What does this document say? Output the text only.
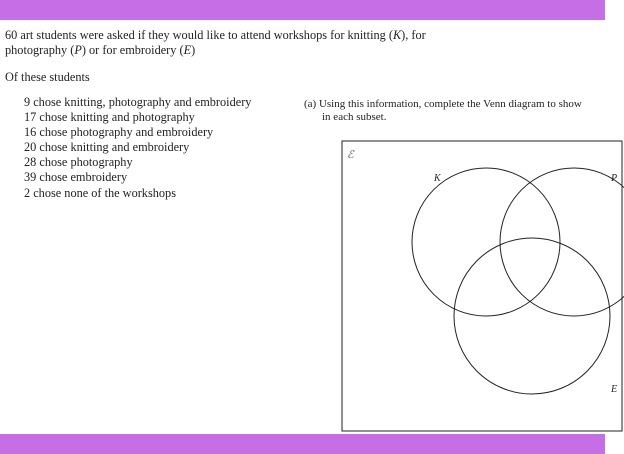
60 art students were asked if they would like to attend workshops for knitting (K), for
photography (P) or for embroidery (E)
Of these students
9 chose knitting, photography and embroidery
17 chose knitting and photography
16 chose photography and embroidery
20 chose knitting and embroidery
28 chose photography
39 chose embroidery
2 chose none of the workshops
(a) Using this information, complete the Venn diagram to show
in each subset.
ℰ
K	P
E
